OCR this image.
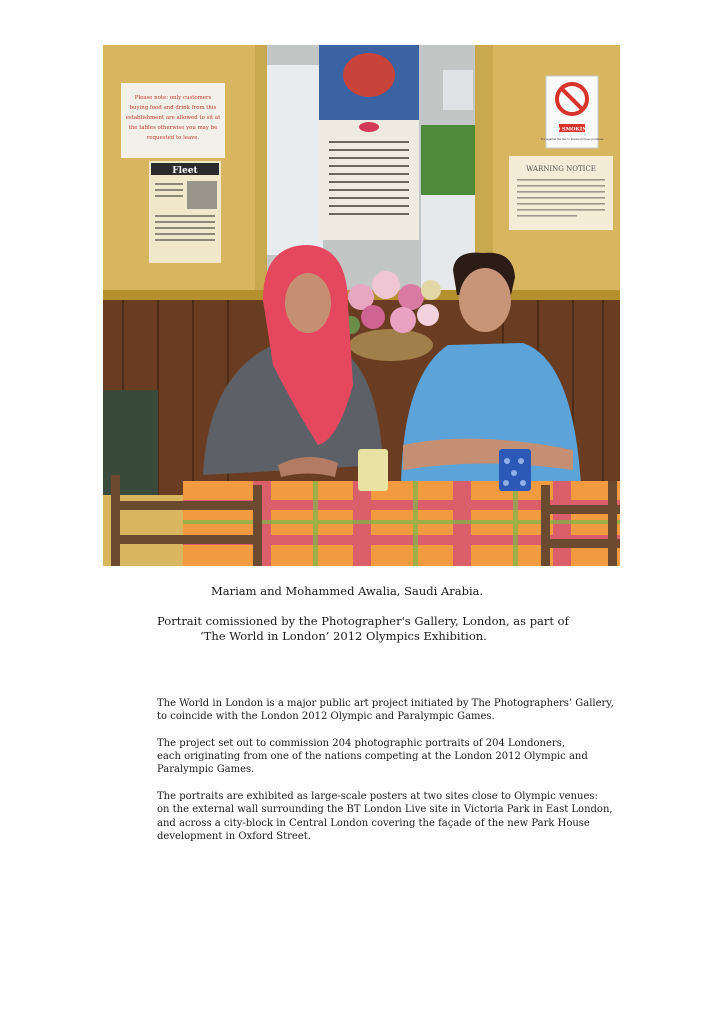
Please note: only customers
buying food and drink from this
establishment are allowed to sit at
the tables otherwise you may be
requested to leave.
Fleet
NO SMOKING.
It is against the law to smoke in these premises
WARNING NOTICE
Mariam and Mohammed Awalia, Saudi Arabia.
Portrait comissioned by the Photographer's Gallery, London, as part of
‘The World in London’ 2012 Olympics Exhibition.

The World in London is a major public art project initiated by The Photographers’ Gallery,
to coincide with the London 2012 Olympic and Paralympic Games.

The project set out to commission 204 photographic portraits of 204 Londoners,
each originating from one of the nations competing at the London 2012 Olympic and
Paralympic Games.

The portraits are exhibited as large-scale posters at two sites close to Olympic venues:
on the external wall surrounding the BT London Live site in Victoria Park in East London,
and across a city-block in Central London covering the façade of the new Park House
development in Oxford Street.
